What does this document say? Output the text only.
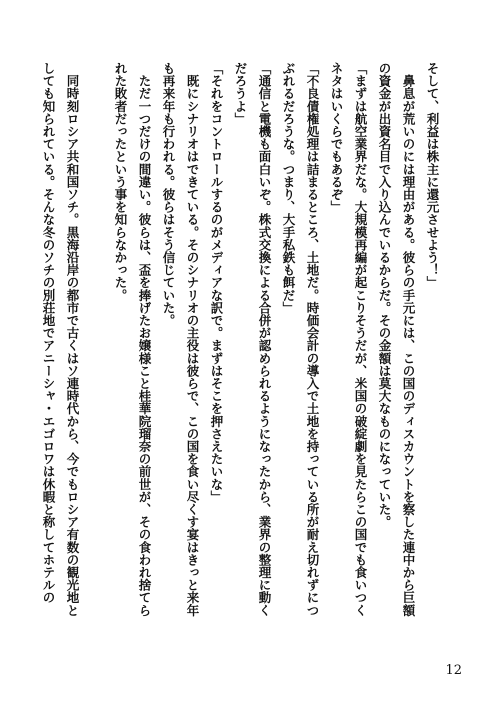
そして、利益は株主に還元させよう！」
　鼻息が荒いのには理由がある。彼らの手元には、この国のディスカウントを察した連中から巨額
の資金が出資名目で入り込んでいるからだ。その金額は莫大なものになっていた。
「まずは航空業界だな。大規模再編が起こりそうだが、米国の破綻劇を見たらこの国でも食いつく
ネタはいくらでもあるぞ」
「不良債権処理は詰まるところ、土地だ。時価会計の導入で土地を持っている所が耐え切れずにつ
ぶれるだろうな。つまり、大手私鉄も餌だ」
「通信と電機も面白いぞ。株式交換による合併が認められるようになったから、業界の整理に動く
だろうよ」
「それをコントロールするのがメディアな訳で。まずはそこを押さえたいな」
　既にシナリオはできている。そのシナリオの主役は彼らで、この国を食い尽くす宴はきっと来年
も再来年も行われる。彼らはそう信じていた。
　ただ一つだけの間違い。彼らは、盃を捧げたお嬢様こと桂華院瑠奈の前世が、その食われ捨てら
れた敗者だったという事を知らなかった。
　同時刻ロシア共和国ソチ。黒海沿岸の都市で古くはソ連時代から、今でもロシア有数の観光地と
しても知られている。そんな冬のソチの別荘地でアニーシャ・エゴロワは休暇と称してホテルの
12
